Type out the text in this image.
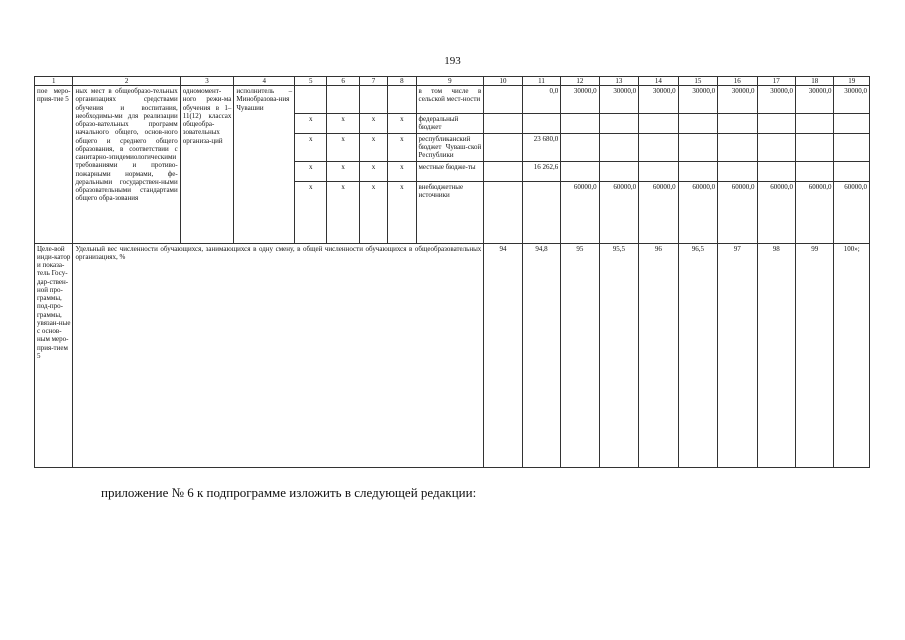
193
1	2	3	4	5	6	7	8	9	10	11	12	13	14	15	16	17	18	19
пое меро-прия-тие 5	ных мест в общеобразо-тельных организациях средствами обучения и воспитания, необходимы-ми для реализации образо-вательных программ начального общего, основ-ного общего и среднего общего образования, в соответствии с санитарно-эпидемиологическими требованиями и противо-пожарными нормами, фе-деральными государствен-ными образовательными стандартами общего обра-зования	одномомент-ного режи-ма обучения в 1–11(12) классах общеобра-зовательных организа-ций	исполнитель – Минобразова-ния Чувашии					в том числе в сельской мест-ности		0,0	30000,0	30000,0	30000,0	30000,0	30000,0	30000,0	30000,0	30000,0
				х	х	х	х	федеральный бюджет										
				х	х	х	х	республиканский бюджет Чуваш-ской Республики		23 680,0								
				х	х	х	х	местные бюдже-ты		16 262,6								
				х	х	х	х	внебюджетные источники			60000,0	60000,0	60000,0	60000,0	60000,0	60000,0	60000,0	60000,0
Целе-вой инди-катор и показа-тель Госу-дар-ствен-ной про-граммы, под-про-граммы, увязан-ные с основ-ным меро-прия-тием 5	Удельный вес численности обучающихся, занимающихся в одну смену, в общей численности обучающихся в общеобразовательных организациях, %								94	94,8	95	95,5	96	96,5	97	98	99	100»;
приложение № 6 к подпрограмме изложить в следующей редакции:
